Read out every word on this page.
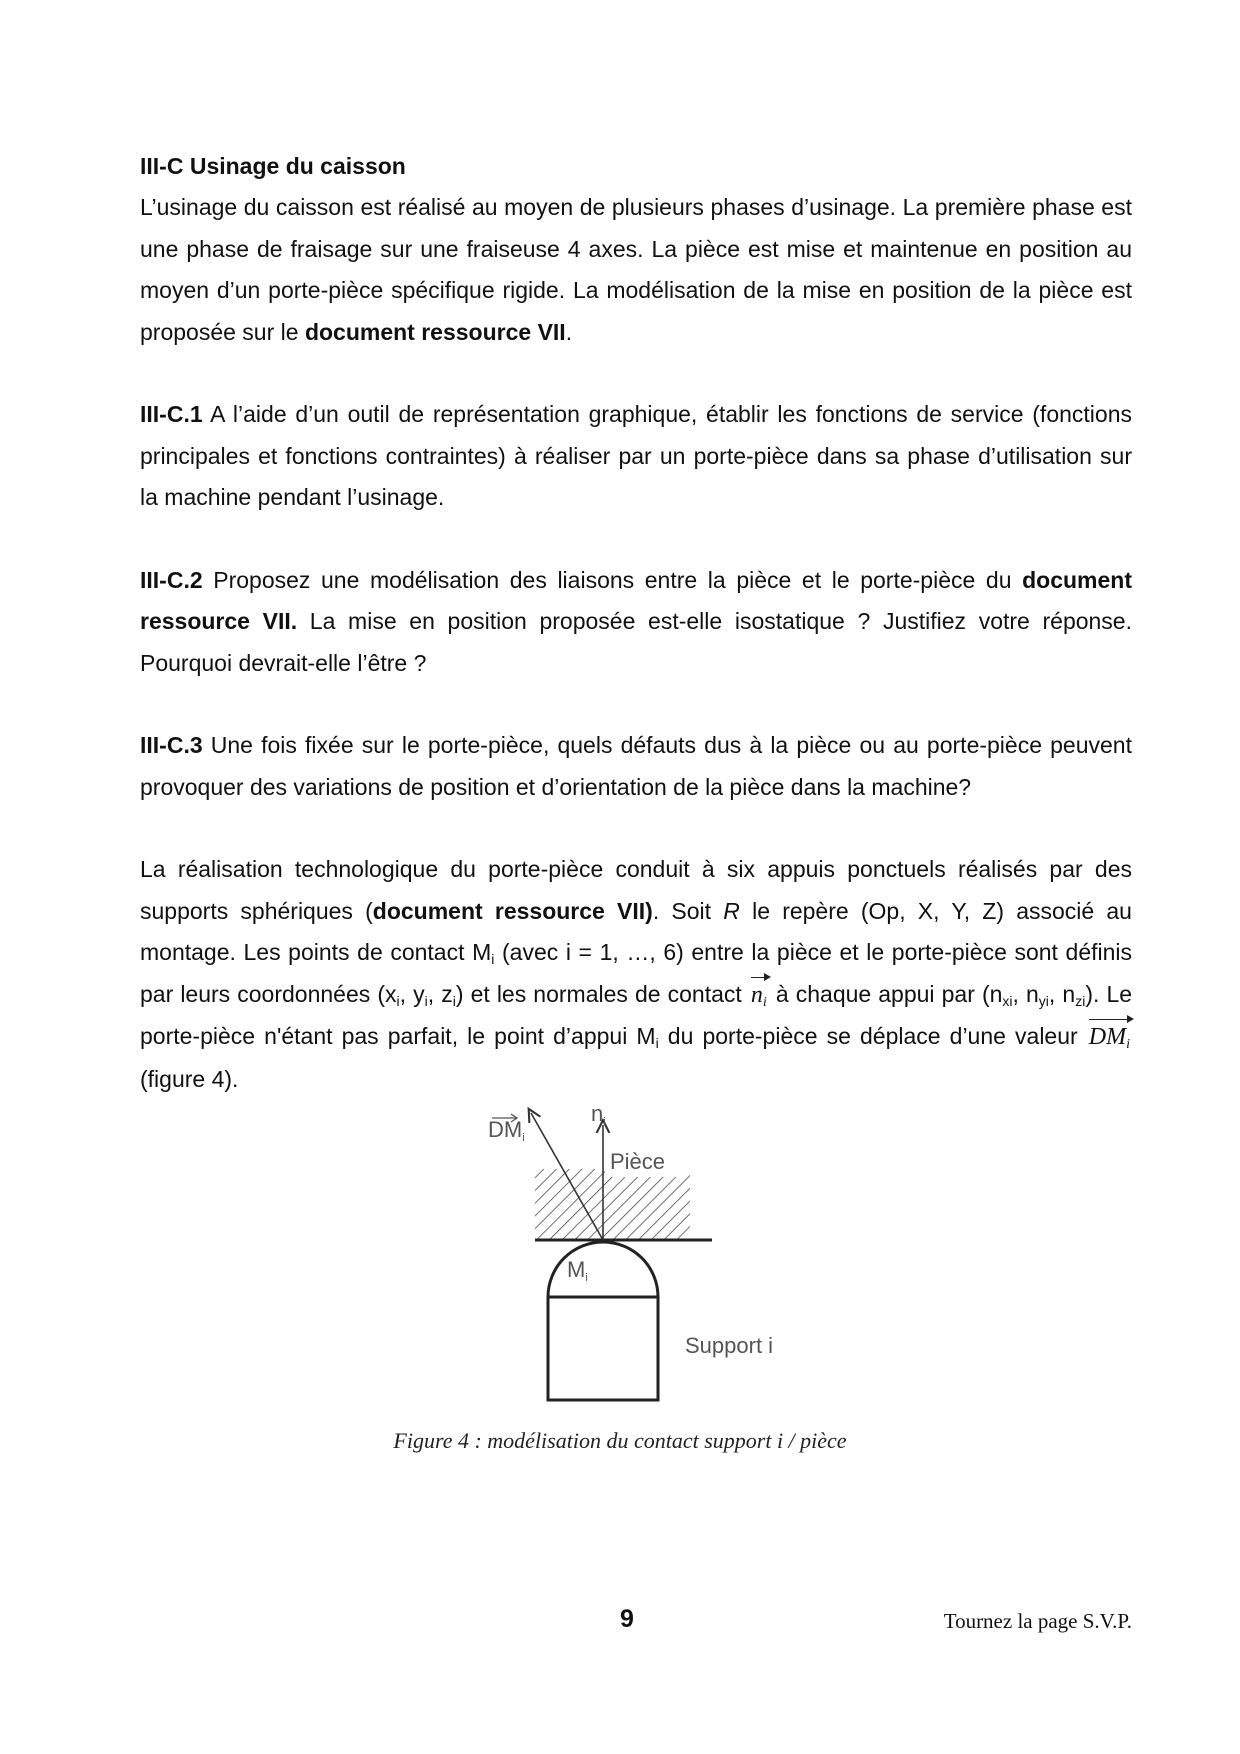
III-C Usinage du caisson

L’usinage du caisson est réalisé au moyen de plusieurs phases d’usinage. La première phase est une phase de fraisage sur une fraiseuse 4 axes. La pièce est mise et maintenue en position au moyen d’un porte-pièce spécifique rigide. La modélisation de la mise en position de la pièce est proposée sur le document ressource VII.

III-C.1 A l’aide d’un outil de représentation graphique, établir les fonctions de service (fonctions principales et fonctions contraintes) à réaliser par un porte-pièce dans sa phase d’utilisation sur la machine pendant l’usinage.

III-C.2 Proposez une modélisation des liaisons entre la pièce et le porte-pièce du document ressource VII. La mise en position proposée est-elle isostatique ? Justifiez votre réponse. Pourquoi devrait-elle l’être ?

III-C.3 Une fois fixée sur le porte-pièce, quels défauts dus à la pièce ou au porte-pièce peuvent provoquer des variations de position et d’orientation de la pièce dans la machine?

La réalisation technologique du porte-pièce conduit à six appuis ponctuels réalisés par des supports sphériques (document ressource VII). Soit R le repère (Op, X, Y, Z) associé au montage. Les points de contact $M_i$ (avec i = 1, …, 6) entre la pièce et le porte-pièce sont définis par leurs coordonnées ($x_i$, $y_i$, $z_i$) et les normales de contact $n_i$ à chaque appui par ($n_{xi}$, $n_{yi}$, $n_{zi}$). Le porte-pièce n'étant pas parfait, le point d’appui $M_i$ du porte-pièce se déplace d’une valeur $DM_i$ (figure 4).

$DM_i$
$n_i$
Pièce
$M_i$
Support i
Figure 4 : modélisation du contact support i / pièce
9	Tournez la page S.V.P.
